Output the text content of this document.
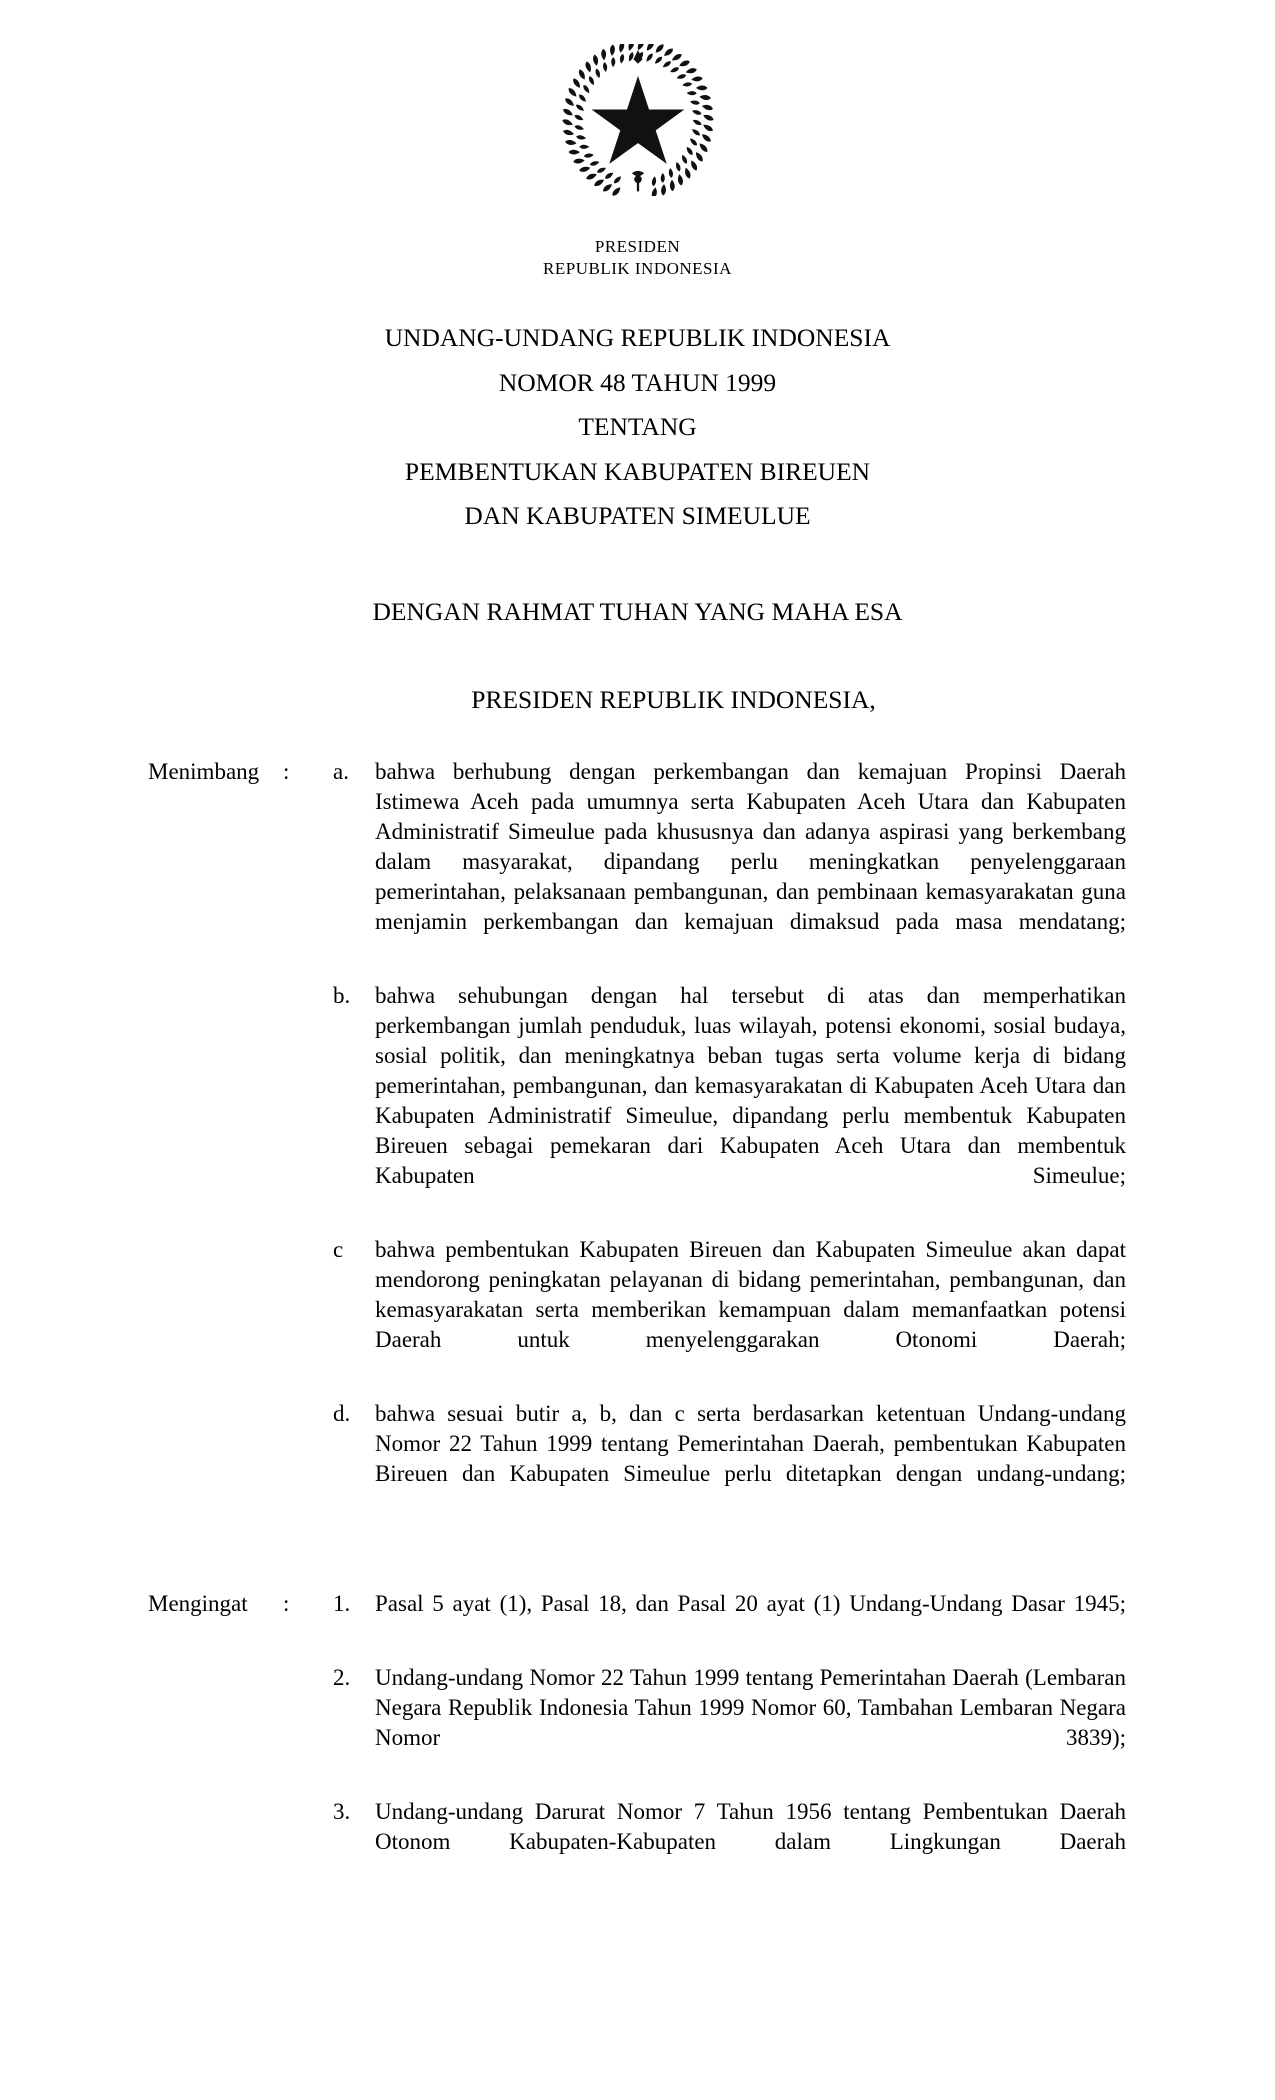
PRESIDEN
REPUBLIK INDONESIA
UNDANG-UNDANG REPUBLIK INDONESIA
NOMOR 48 TAHUN 1999
TENTANG
PEMBENTUKAN KABUPATEN BIREUEN
DAN KABUPATEN SIMEULUE
DENGAN RAHMAT TUHAN YANG MAHA ESA
PRESIDEN REPUBLIK INDONESIA,
Menimbang	:	a.	bahwa berhubung dengan perkembangan dan kemajuan Propinsi Daerah Istimewa Aceh pada umumnya serta Kabupaten Aceh Utara dan Kabupaten Administratif Simeulue pada khususnya dan adanya aspirasi yang berkembang dalam masyarakat, dipandang perlu meningkatkan penyelenggaraan pemerintahan, pelaksanaan pembangunan, dan pembinaan kemasyarakatan guna menjamin perkembangan dan kemajuan dimaksud pada masa mendatang;
b.	bahwa sehubungan dengan hal tersebut di atas dan memperhatikan perkembangan jumlah penduduk, luas wilayah, potensi ekonomi, sosial budaya, sosial politik, dan meningkatnya beban tugas serta volume kerja di bidang pemerintahan, pembangunan, dan kemasyarakatan di Kabupaten Aceh Utara dan Kabupaten Administratif Simeulue, dipandang perlu membentuk Kabupaten Bireuen sebagai pemekaran dari Kabupaten Aceh Utara dan membentuk Kabupaten Simeulue;
c	bahwa pembentukan Kabupaten Bireuen dan Kabupaten Simeulue akan dapat mendorong peningkatan pelayanan di bidang pemerintahan, pembangunan, dan kemasyarakatan serta memberikan kemampuan dalam memanfaatkan potensi Daerah untuk menyelenggarakan Otonomi Daerah;
d.	bahwa sesuai butir a, b, dan c serta berdasarkan ketentuan Undang-undang Nomor 22 Tahun 1999 tentang Pemerintahan Daerah, pembentukan Kabupaten Bireuen dan Kabupaten Simeulue perlu ditetapkan dengan undang-undang;
Mengingat	:	1.	Pasal 5 ayat (1), Pasal 18, dan Pasal 20 ayat (1) Undang-Undang Dasar 1945;
2.	Undang-undang Nomor 22 Tahun 1999 tentang Pemerintahan Daerah (Lembaran Negara Republik Indonesia Tahun 1999 Nomor 60, Tambahan Lembaran Negara Nomor 3839);
3.	Undang-undang Darurat Nomor 7 Tahun 1956 tentang Pembentukan Daerah Otonom Kabupaten-Kabupaten dalam Lingkungan Daerah
